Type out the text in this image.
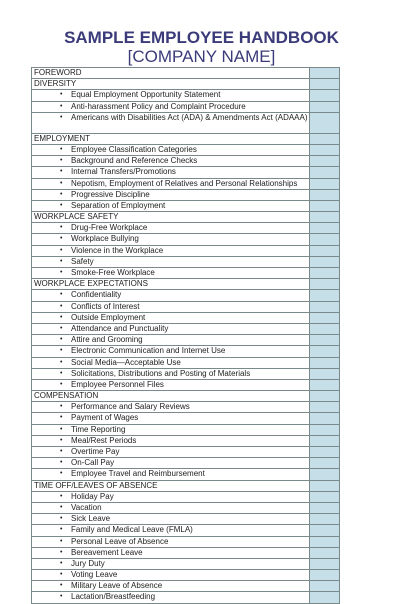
SAMPLE EMPLOYEE HANDBOOK
[COMPANY NAME]
FOREWORD	

DIVERSITY	

• Equal Employment Opportunity Statement	

• Anti-harassment Policy and Complaint Procedure	

• Americans with Disabilities Act (ADA) & Amendments Act (ADAAA)	

EMPLOYMENT	

• Employee Classification Categories	

• Background and Reference Checks	

• Internal Transfers/Promotions	

• Nepotism, Employment of Relatives and Personal Relationships	

• Progressive Discipline	

• Separation of Employment	

WORKPLACE SAFETY	

• Drug-Free Workplace	

• Workplace Bullying	

• Violence in the Workplace	

• Safety	

• Smoke-Free Workplace	

WORKPLACE EXPECTATIONS	

• Confidentiality	

• Conflicts of Interest	

• Outside Employment	

• Attendance and Punctuality	

• Attire and Grooming	

• Electronic Communication and Internet Use	

• Social Media—Acceptable Use	

• Solicitations, Distributions and Posting of Materials	

• Employee Personnel Files	

COMPENSATION	

• Performance and Salary Reviews	

• Payment of Wages	

• Time Reporting	

• Meal/Rest Periods	

• Overtime Pay	

• On-Call Pay	

• Employee Travel and Reimbursement	

TIME OFF/LEAVES OF ABSENCE	

• Holiday Pay	

• Vacation	

• Sick Leave	

• Family and Medical Leave (FMLA)	

• Personal Leave of Absence	

• Bereavement Leave	

• Jury Duty	

• Voting Leave	

• Military Leave of Absence	

• Lactation/Breastfeeding	
